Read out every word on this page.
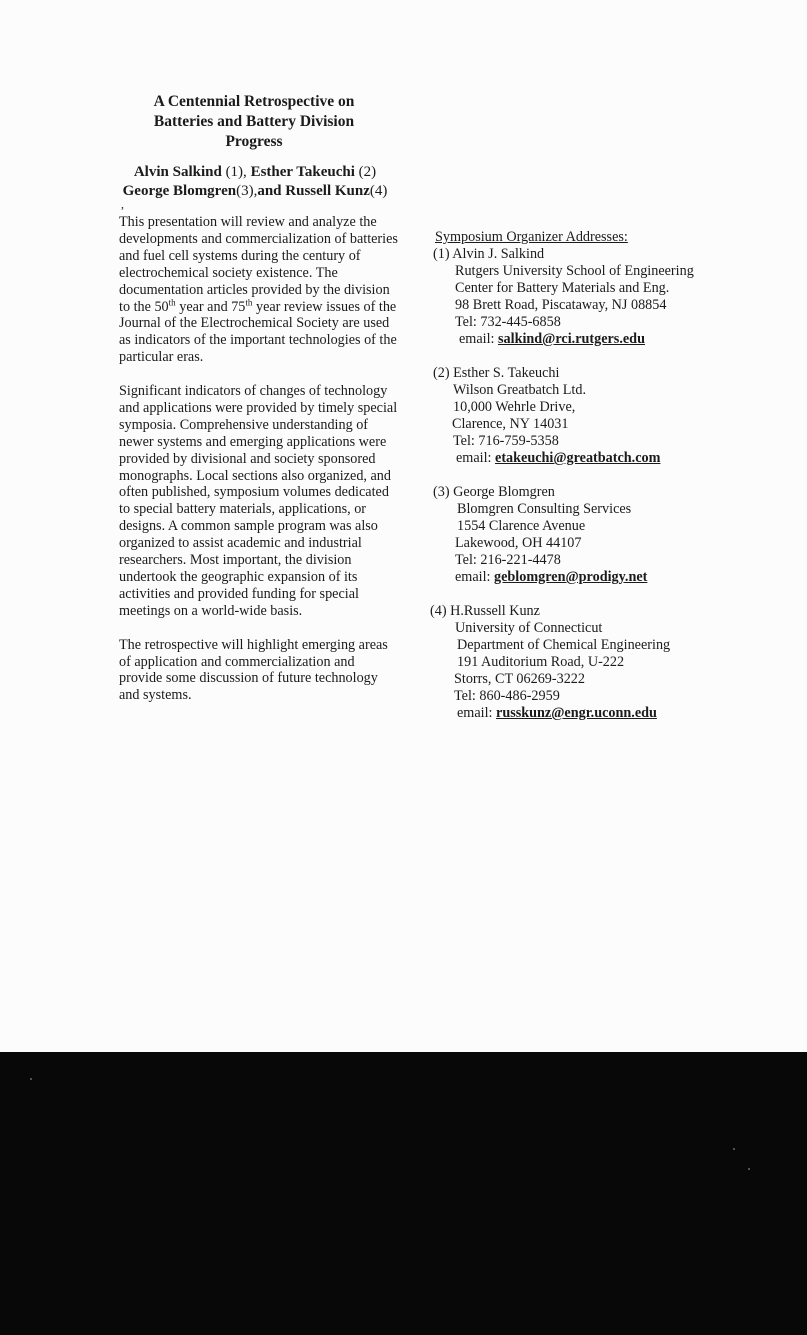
A Centennial Retrospective on
Batteries and Battery Division
Progress
Alvin Salkind (1), Esther Takeuchi (2)
George Blomgren(3),and Russell Kunz(4)
,

This presentation will review and analyze the developments and commercialization of batteries and fuel cell systems during the century of electrochemical society existence. The documentation articles provided by the division to the 50th year and 75th year review issues of the Journal of the Electrochemical Society are used as indicators of the important technologies of the particular eras.

Significant indicators of changes of technology and applications were provided by timely special symposia. Comprehensive understanding of newer systems and emerging applications were provided by divisional and society sponsored monographs. Local sections also organized, and often published, symposium volumes dedicated to special battery materials, applications, or designs. A common sample program was also organized to assist academic and industrial researchers. Most important, the division undertook the geographic expansion of its activities and provided funding for special meetings on a world-wide basis.

The retrospective will highlight emerging areas of application and commercialization and provide some discussion of future technology and systems.

Symposium Organizer Addresses:
(1) Alvin J. Salkind
Rutgers University School of Engineering
Center for Battery Materials and Eng.
98 Brett Road, Piscataway, NJ 08854
Tel: 732-445-6858
email: salkind@rci.rutgers.edu
(2) Esther S. Takeuchi
Wilson Greatbatch Ltd.
10,000 Wehrle Drive,
Clarence, NY 14031
Tel: 716-759-5358
email: etakeuchi@greatbatch.com
(3) George Blomgren
Blomgren Consulting Services
1554 Clarence Avenue
Lakewood, OH 44107
Tel: 216-221-4478
email: geblomgren@prodigy.net
(4) H.Russell Kunz
University of Connecticut
Department of Chemical Engineering
191 Auditorium Road, U-222
Storrs, CT 06269-3222
Tel: 860-486-2959
email: russkunz@engr.uconn.edu
